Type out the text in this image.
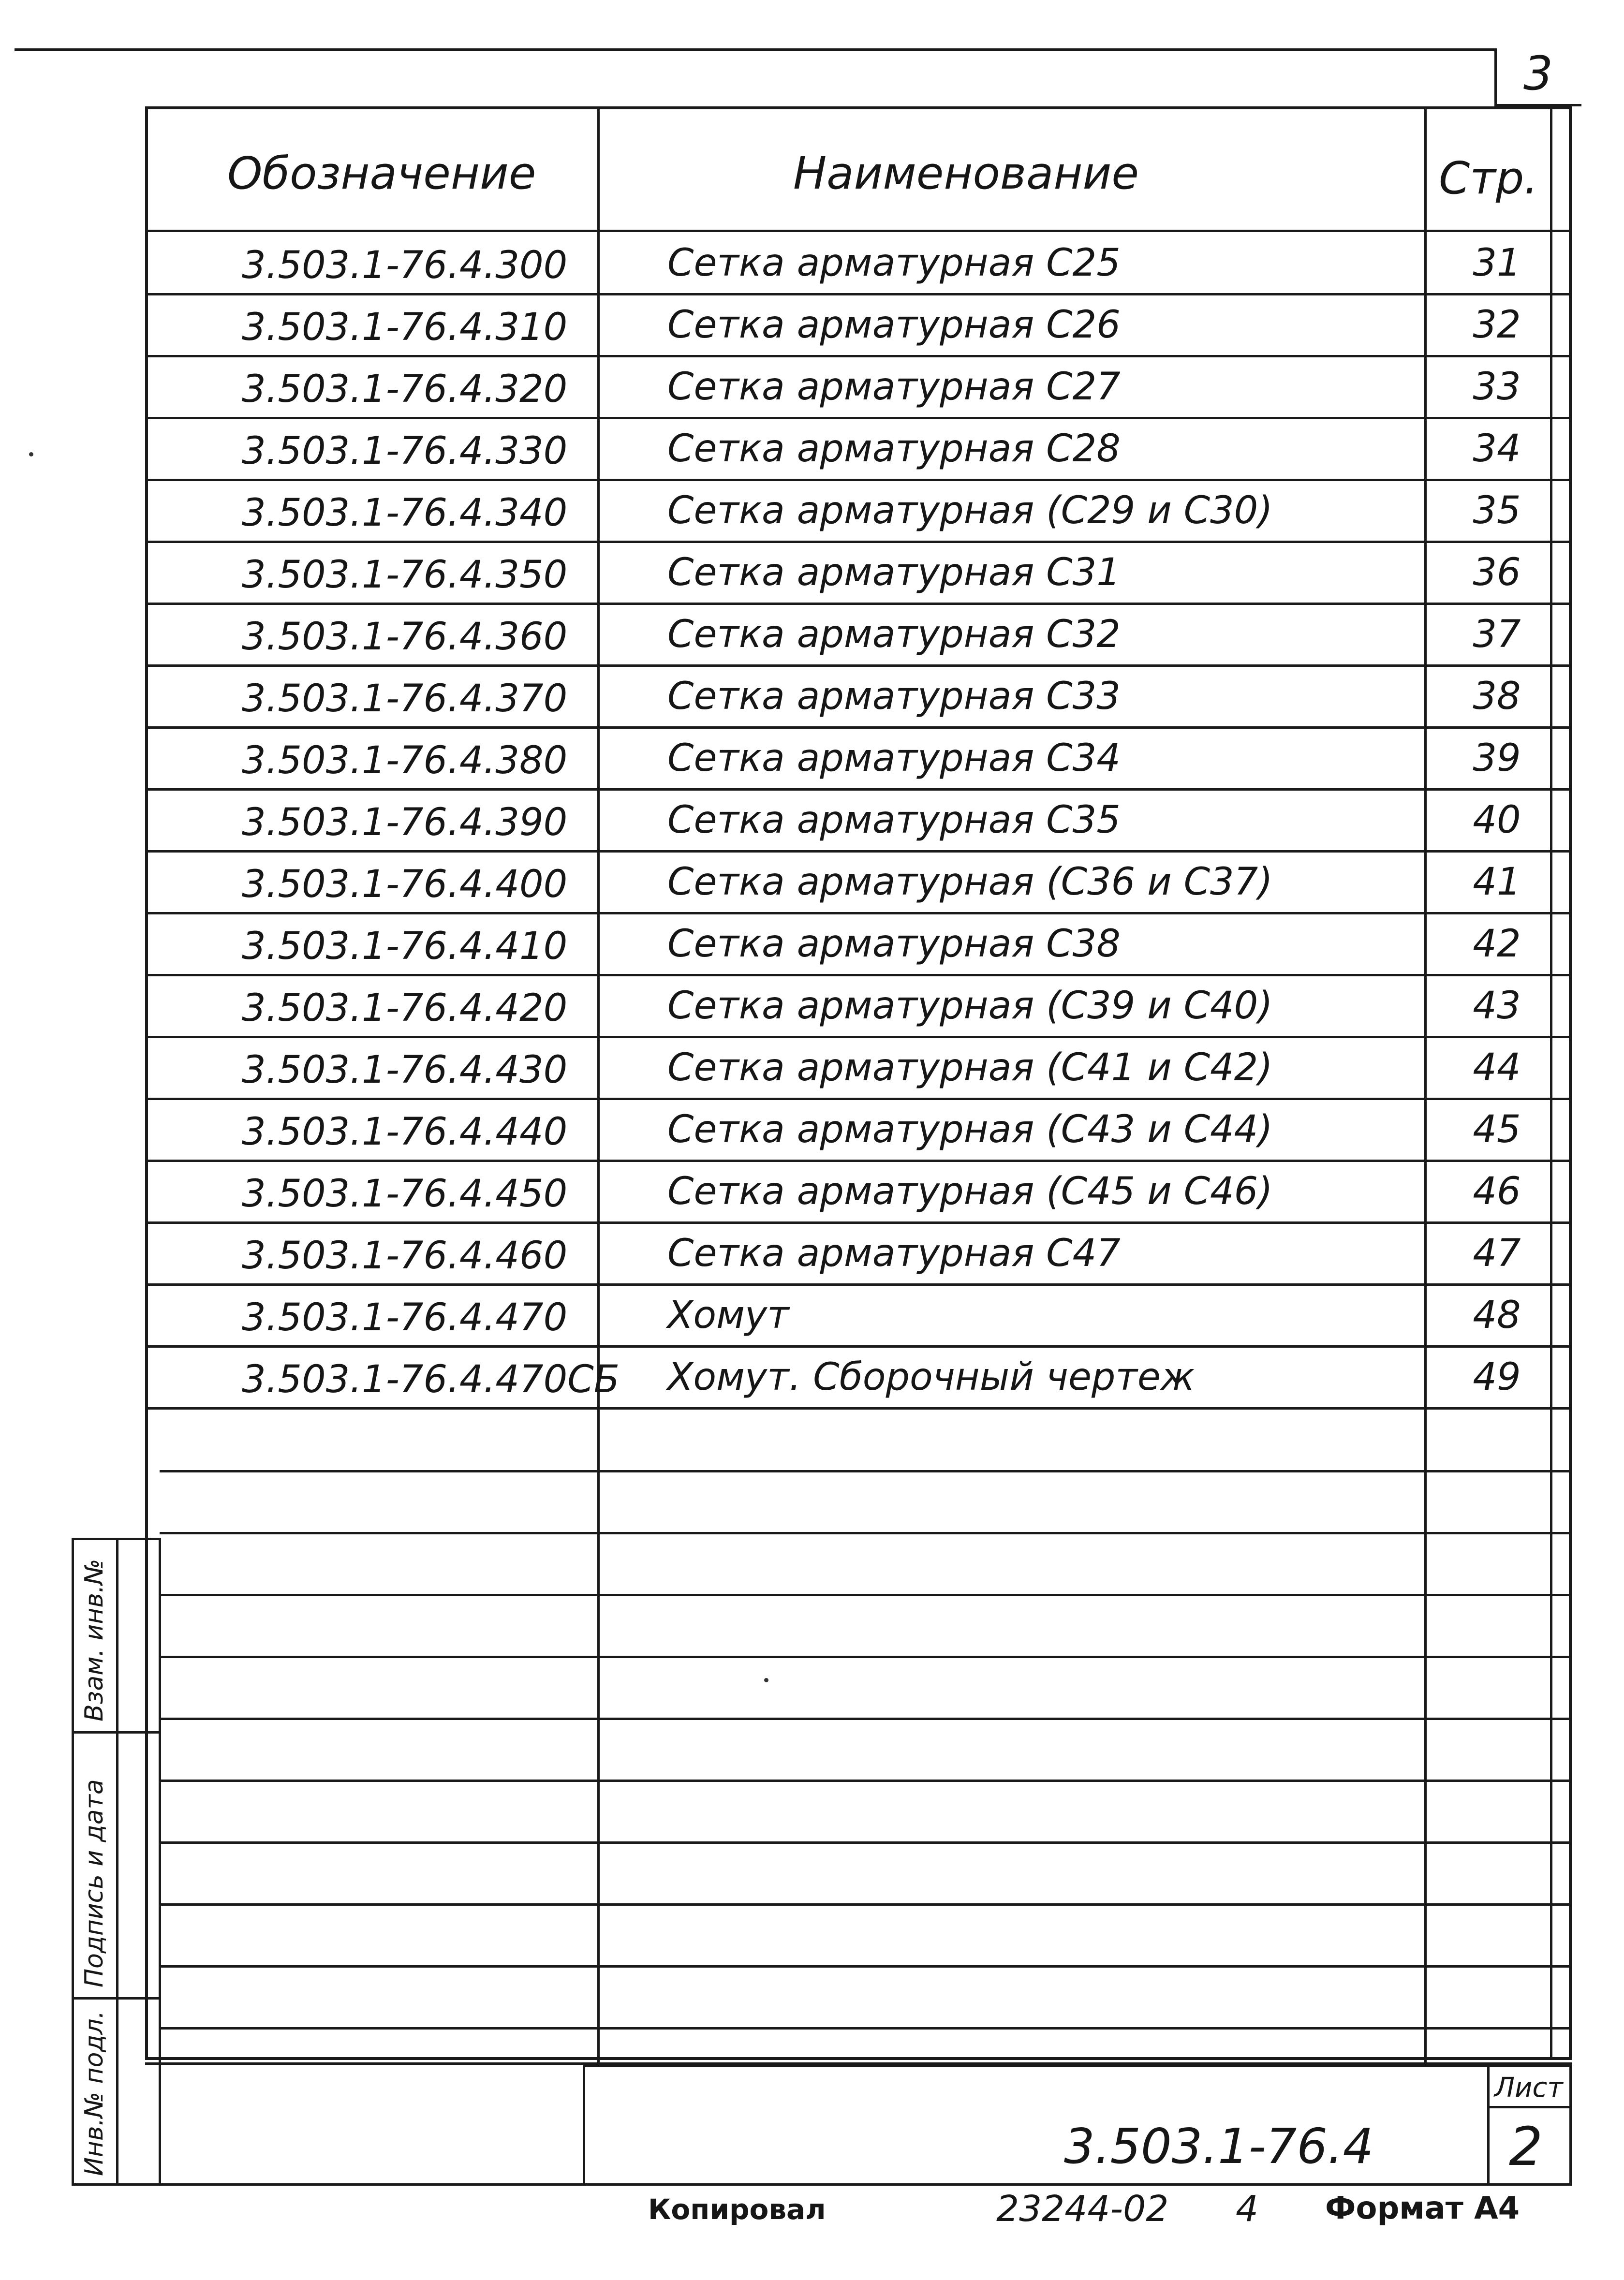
3
Обозначение	Наименование	Стр.
3.503.1-76.4.300	Сетка арматурная С25	31
3.503.1-76.4.310	Сетка арматурная С26	32
3.503.1-76.4.320	Сетка арматурная С27	33
3.503.1-76.4.330	Сетка арматурная С28	34
3.503.1-76.4.340	Сетка арматурная (С29 и С30)	35
3.503.1-76.4.350	Сетка арматурная С31	36
3.503.1-76.4.360	Сетка арматурная С32	37
3.503.1-76.4.370	Сетка арматурная С33	38
3.503.1-76.4.380	Сетка арматурная С34	39
3.503.1-76.4.390	Сетка арматурная С35	40
3.503.1-76.4.400	Сетка арматурная (С36 и С37)	41
3.503.1-76.4.410	Сетка арматурная С38	42
3.503.1-76.4.420	Сетка арматурная (С39 и С40)	43
3.503.1-76.4.430	Сетка арматурная (С41 и С42)	44
3.503.1-76.4.440	Сетка арматурная (С43 и С44)	45
3.503.1-76.4.450	Сетка арматурная (С45 и С46)	46
3.503.1-76.4.460	Сетка арматурная С47	47
3.503.1-76.4.470	Хомут	48
3.503.1-76.4.470СБ Хомут. Сборочный чертеж	49
Взам. инв.№
Подпись и дата
Инв.№ подл.	Лист
2
3.503.1-76.4
Копировал	23244-02 4 Формат А4
